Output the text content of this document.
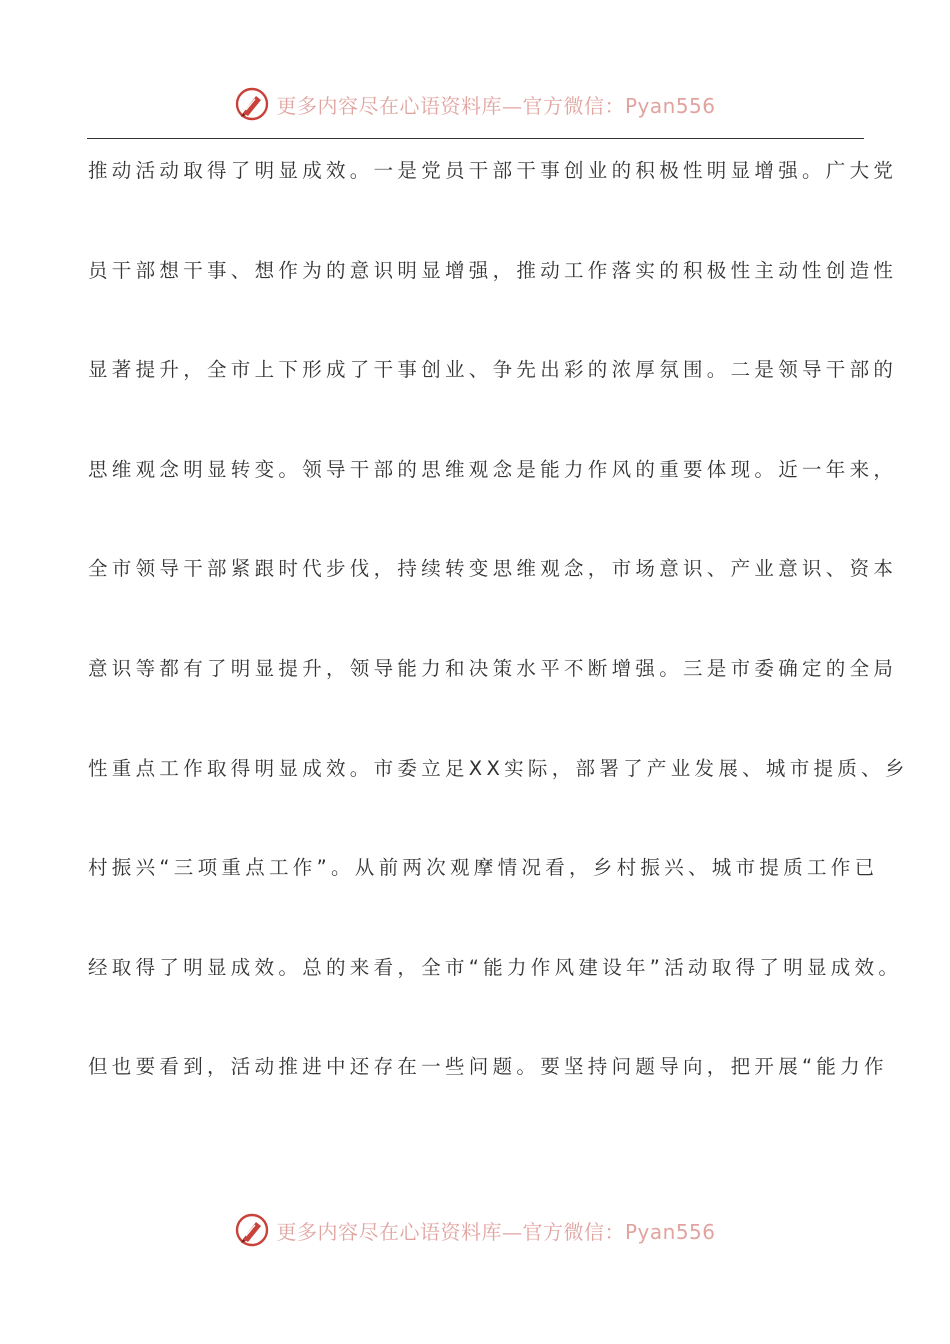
更多内容尽在心语资料库—官方微信：Pyan556
推动活动取得了明显成效。一是党员干部干事创业的积极性明显增强。广大党
员干部想干事、想作为的意识明显增强，推动工作落实的积极性主动性创造性
显著提升，全市上下形成了干事创业、争先出彩的浓厚氛围。二是领导干部的
思维观念明显转变。领导干部的思维观念是能力作风的重要体现。近一年来，
全市领导干部紧跟时代步伐，持续转变思维观念，市场意识、产业意识、资本
意识等都有了明显提升，领导能力和决策水平不断增强。三是市委确定的全局
性重点工作取得明显成效。市委立足XX实际，部署了产业发展、城市提质、乡
村振兴“三项重点工作”。从前两次观摩情况看，乡村振兴、城市提质工作已
经取得了明显成效。总的来看，全市“能力作风建设年”活动取得了明显成效。
但也要看到，活动推进中还存在一些问题。要坚持问题导向，把开展“能力作
更多内容尽在心语资料库—官方微信：Pyan556
